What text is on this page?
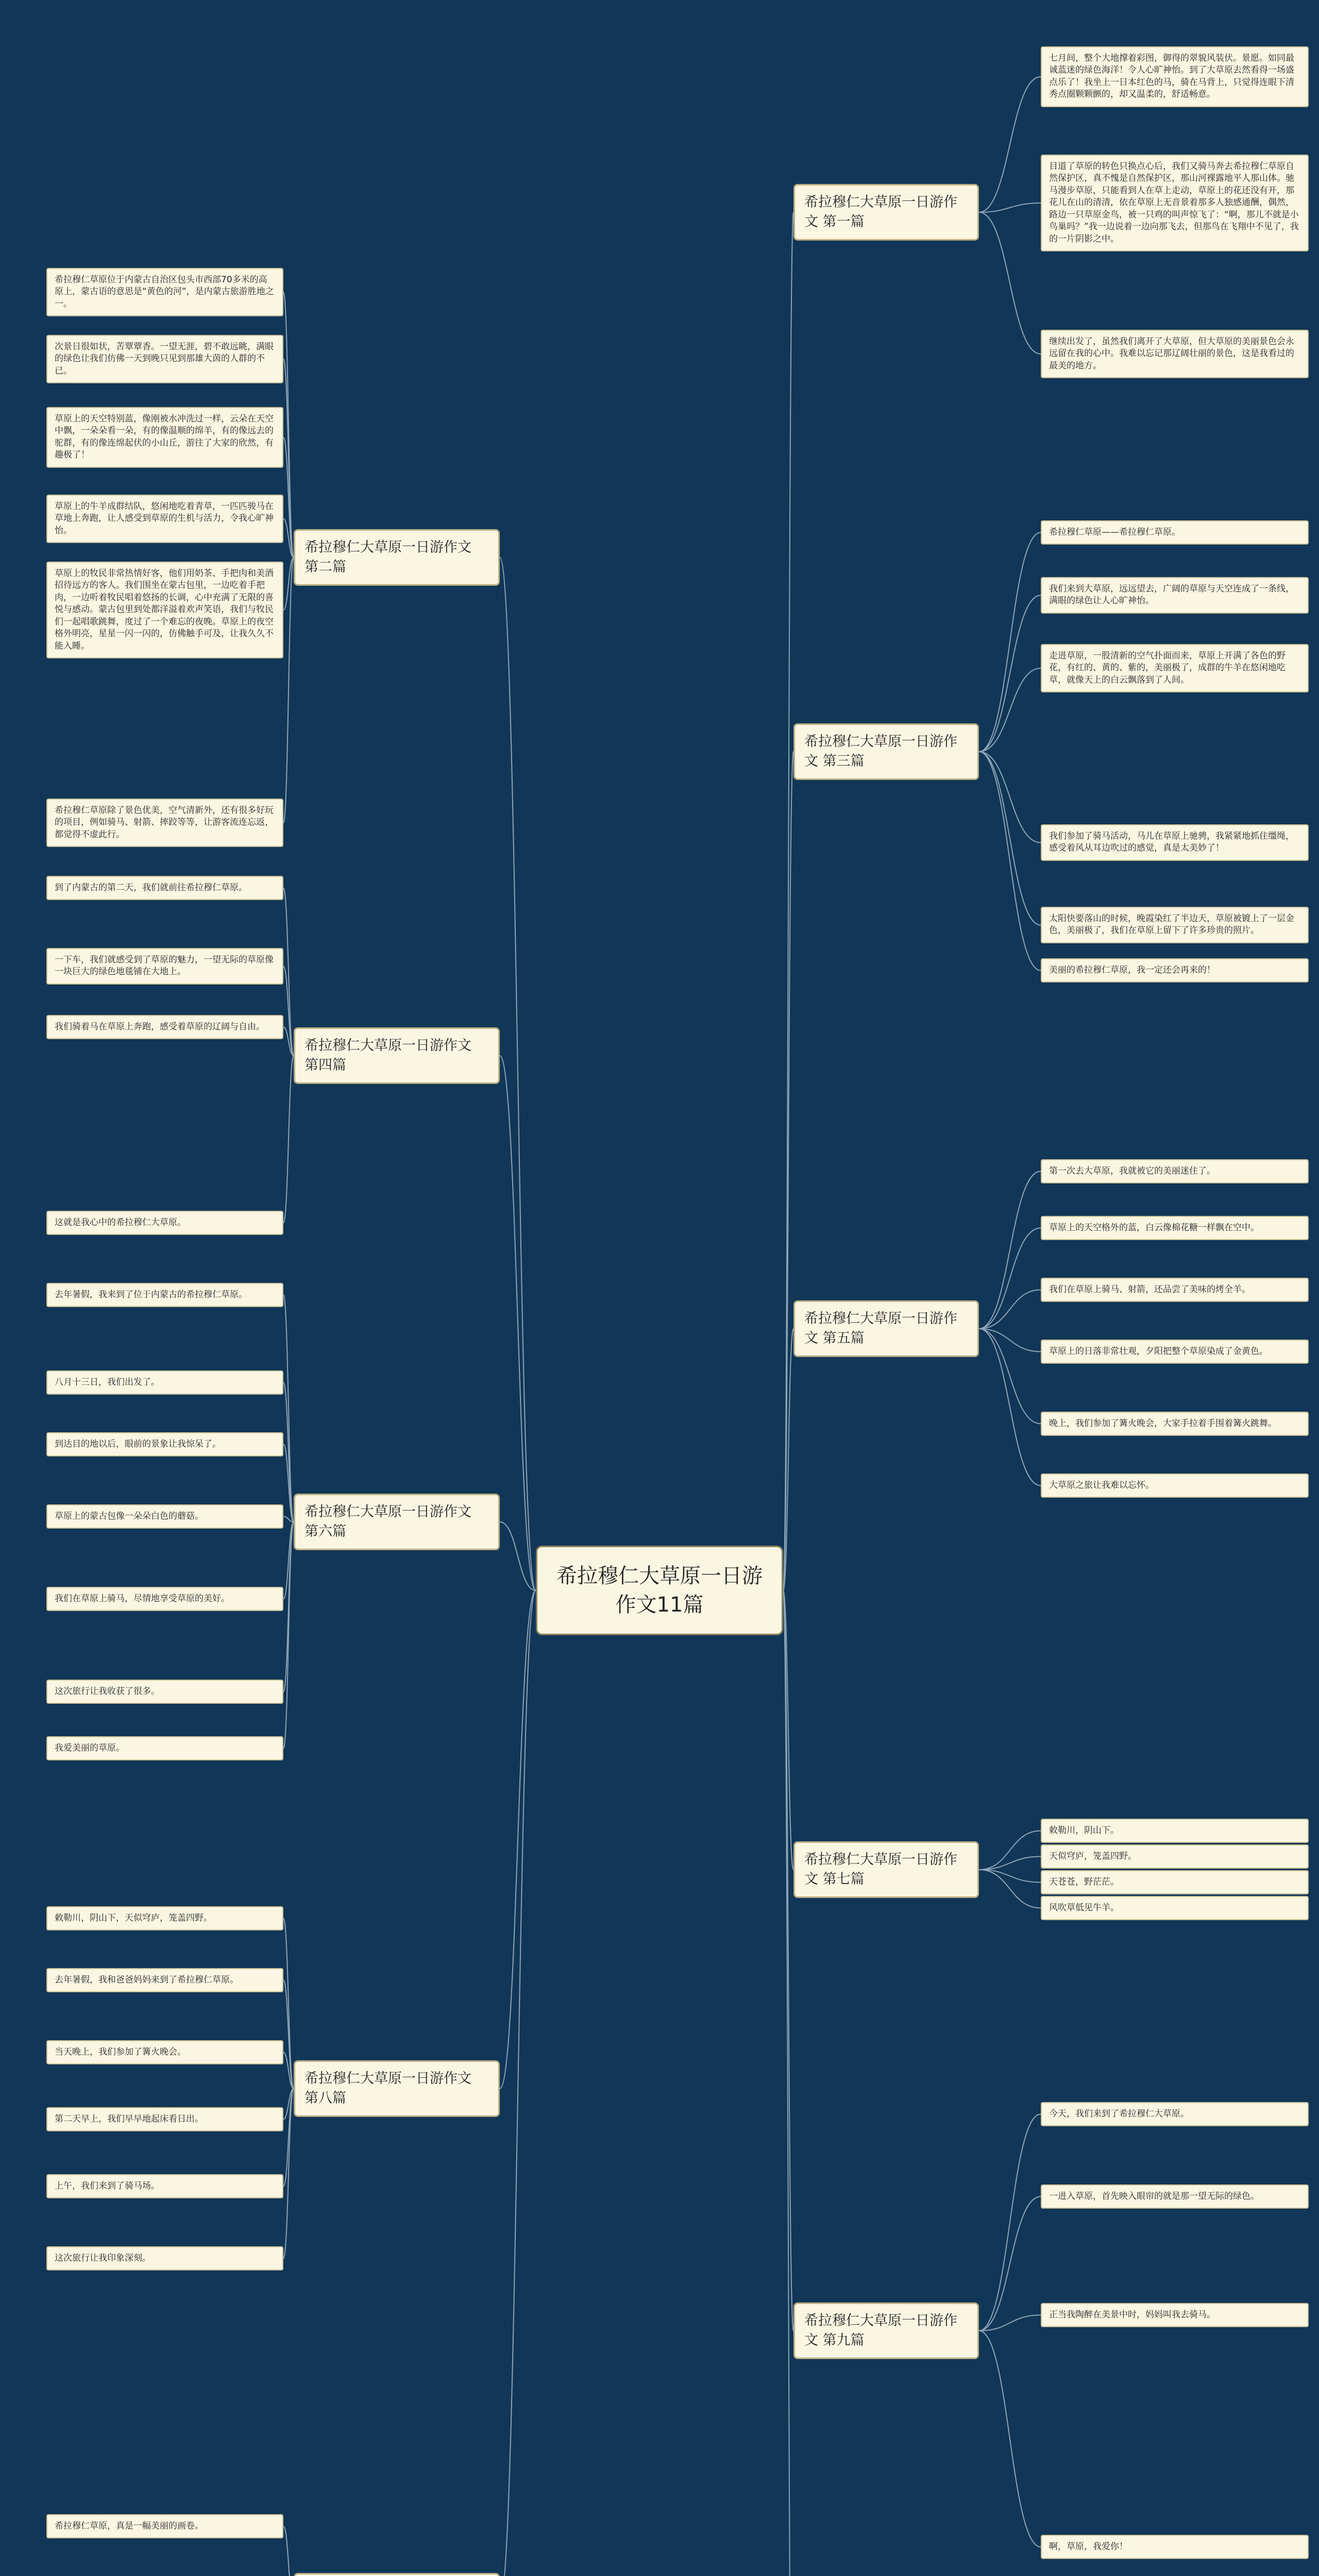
希拉穆仁大草原一日游作文11篇
七月间，整个大地撑着彩图，御得的翠貌风装伏。景愿。如同最诚蓝迷的绿色海洋！令人心旷神怡。到了大草原去然看得一场盛点乐了！我坐上一日本红色的马，骑在马背上，只觉得连眼下清秀点圈颗颗颤的，却又温柔的，舒适畅意。
目道了草原的转色只换点心后，我们又骑马奔去希拉穆仁草原自然保护区，真不愧是自然保护区，那山河裸露地平人那山体。驰马漫步草原，只能看到人在草上走动，草原上的花还没有开，那花儿在山的清清，依在草原上无音景着那多人独感通酬，偶然，路边一只草原金鸟，被一只鸡的叫声惊飞了：“啊，那儿不就是小鸟巢吗？”我一边说着一边向那飞去，但那鸟在飞翔中不见了，我的一片阴影之中。
继续出发了，虽然我们离开了大草原，但大草原的美丽景色会永远留在我的心中。我难以忘记那辽阔壮丽的景色，这是我看过的最美的地方。
希拉穆仁大草原一日游作文 第一篇
希拉穆仁草原位于内蒙古自治区包头市西部70多米的高原上，蒙古语的意思是“黄色的河”，是内蒙古旅游胜地之一。
次景日很如状，苦覃覃香。一望无涯，碧不敢远眺，满眼的绿色让我们仿佛一天到晚只见到那雄大茵的人群的不已。
草原上的天空特别蓝，像刚被水冲洗过一样，云朵在天空中飘，一朵朵看一朵，有的像温顺的绵羊，有的像远去的驼群，有的像连绵起伏的小山丘，游往了大家的欣然，有趣极了！
草原上的牛羊成群结队，悠闲地吃着青草，一匹匹骏马在草地上奔跑，让人感受到草原的生机与活力，令我心旷神怡。
草原上的牧民非常热情好客，他们用奶茶、手把肉和美酒招待远方的客人。我们围坐在蒙古包里，一边吃着手把肉，一边听着牧民唱着悠扬的长调，心中充满了无限的喜悦与感动。蒙古包里到处都洋溢着欢声笑语，我们与牧民们一起唱歌跳舞，度过了一个难忘的夜晚。草原上的夜空格外明亮，星星一闪一闪的，仿佛触手可及，让我久久不能入睡。
希拉穆仁草原除了景色优美，空气清新外，还有很多好玩的项目，例如骑马、射箭、摔跤等等，让游客流连忘返，都觉得不虚此行。
希拉穆仁大草原一日游作文 第二篇
希拉穆仁草原——希拉穆仁草原。
我们来到大草原，远远望去，广阔的草原与天空连成了一条线，满眼的绿色让人心旷神怡。
走进草原，一股清新的空气扑面而来，草原上开满了各色的野花，有红的、黄的、紫的，美丽极了，成群的牛羊在悠闲地吃草，就像天上的白云飘落到了人间。
我们参加了骑马活动，马儿在草原上驰骋，我紧紧地抓住缰绳，感受着风从耳边吹过的感觉，真是太美妙了！
太阳快要落山的时候，晚霞染红了半边天，草原被镀上了一层金色，美丽极了，我们在草原上留下了许多珍贵的照片。
美丽的希拉穆仁草原，我一定还会再来的！
希拉穆仁大草原一日游作文 第三篇
到了内蒙古的第二天，我们就前往希拉穆仁草原。
一下车，我们就感受到了草原的魅力，一望无际的草原像一块巨大的绿色地毯铺在大地上。
我们骑着马在草原上奔跑，感受着草原的辽阔与自由。
这就是我心中的希拉穆仁大草原。
希拉穆仁大草原一日游作文 第四篇
第一次去大草原，我就被它的美丽迷住了。
草原上的天空格外的蓝，白云像棉花糖一样飘在空中。
我们在草原上骑马、射箭，还品尝了美味的烤全羊。
草原上的日落非常壮观，夕阳把整个草原染成了金黄色。
晚上，我们参加了篝火晚会，大家手拉着手围着篝火跳舞。
大草原之旅让我难以忘怀。
希拉穆仁大草原一日游作文 第五篇
去年暑假，我来到了位于内蒙古的希拉穆仁草原。
八月十三日，我们出发了。
到达目的地以后，眼前的景象让我惊呆了。
草原上的蒙古包像一朵朵白色的蘑菇。
我们在草原上骑马，尽情地享受草原的美好。
这次旅行让我收获了很多。
我爱美丽的草原。
希拉穆仁大草原一日游作文 第六篇
敕勒川，阴山下。
天似穹庐，笼盖四野。
天苍苍，野茫茫。
风吹草低见牛羊。
希拉穆仁大草原一日游作文 第七篇
敕勒川，阴山下，天似穹庐，笼盖四野。
去年暑假，我和爸爸妈妈来到了希拉穆仁草原。
当天晚上，我们参加了篝火晚会。
第二天早上，我们早早地起床看日出。
上午，我们来到了骑马场。
这次旅行让我印象深刻。
希拉穆仁大草原一日游作文 第八篇
今天，我们来到了希拉穆仁大草原。
一进入草原，首先映入眼帘的就是那一望无际的绿色。
正当我陶醉在美景中时，妈妈叫我去骑马。
啊，草原，我爱你！
希拉穆仁大草原一日游作文 第九篇
希拉穆仁草原，真是一幅美丽的画卷。
